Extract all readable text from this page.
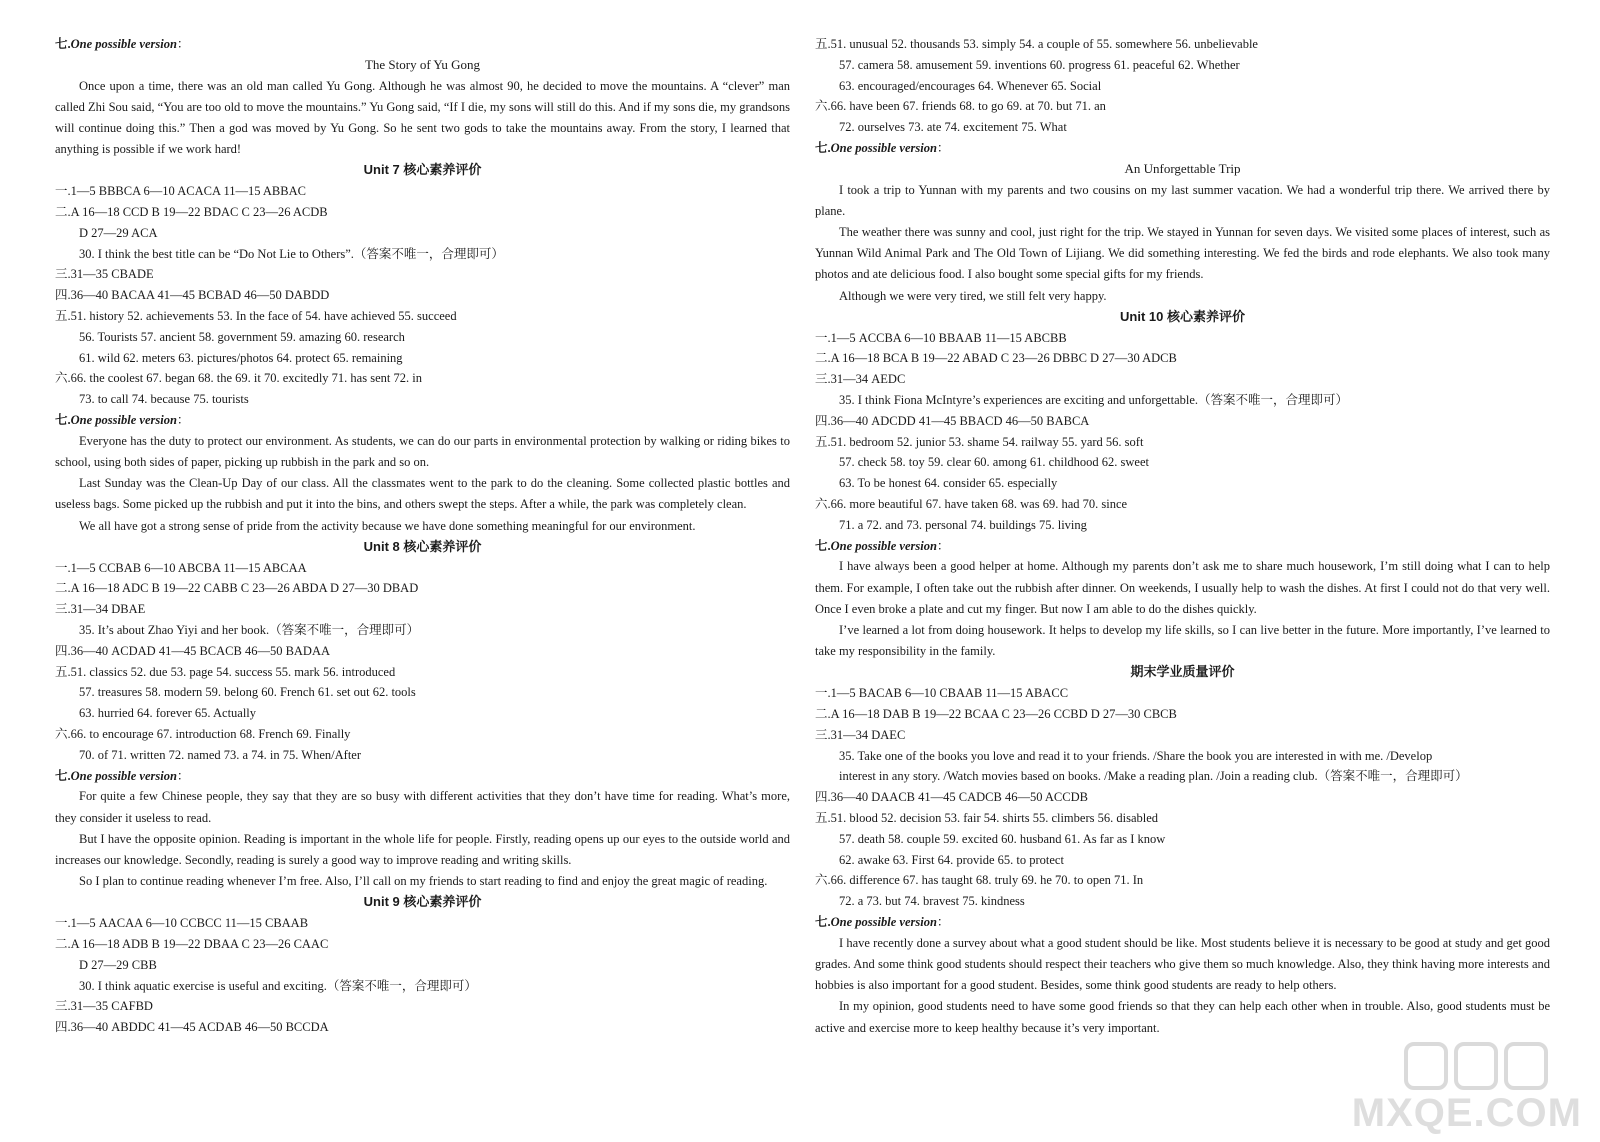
七.One possible version：
The Story of Yu Gong

Once upon a time, there was an old man called Yu Gong. Although he was almost 90, he decided to move the mountains. A “clever” man called Zhi Sou said, “You are too old to move the mountains.” Yu Gong said, “If I die, my sons will still do this. And if my sons die, my grandsons will continue doing this.” Then a god was moved by Yu Gong. So he sent two gods to take the mountains away. From the story, I learned that anything is possible if we work hard!

Unit 7 核心素养评价
一.1—5 BBBCA 6—10 ACACA 11—15 ABBAC
二.A 16—18 CCD B 19—22 BDAC C 23—26 ACDB
D 27—29 ACA
30. I think the best title can be “Do Not Lie to Others”.（答案不唯一，合理即可）
三.31—35 CBADE
四.36—40 BACAA 41—45 BCBAD 46—50 DABDD
五.51. history 52. achievements 53. In the face of 54. have achieved 55. succeed
56. Tourists 57. ancient 58. government 59. amazing 60. research
61. wild 62. meters 63. pictures/photos 64. protect 65. remaining
六.66. the coolest 67. began 68. the 69. it 70. excitedly 71. has sent 72. in
73. to call 74. because 75. tourists
七.One possible version：

Everyone has the duty to protect our environment. As students, we can do our parts in environmental protection by walking or riding bikes to school, using both sides of paper, picking up rubbish in the park and so on.

Last Sunday was the Clean-Up Day of our class. All the classmates went to the park to do the cleaning. Some collected plastic bottles and useless bags. Some picked up the rubbish and put it into the bins, and others swept the steps. After a while, the park was completely clean.

We all have got a strong sense of pride from the activity because we have done something meaningful for our environment.

Unit 8 核心素养评价
一.1—5 CCBAB 6—10 ABCBA 11—15 ABCAA
二.A 16—18 ADC B 19—22 CABB C 23—26 ABDA D 27—30 DBAD
三.31—34 DBAE
35. It’s about Zhao Yiyi and her book.（答案不唯一，合理即可）
四.36—40 ACDAD 41—45 BCACB 46—50 BADAA
五.51. classics 52. due 53. page 54. success 55. mark 56. introduced
57. treasures 58. modern 59. belong 60. French 61. set out 62. tools
63. hurried 64. forever 65. Actually
六.66. to encourage 67. introduction 68. French 69. Finally
70. of 71. written 72. named 73. a 74. in 75. When/After
七.One possible version：

For quite a few Chinese people, they say that they are so busy with different activities that they don’t have time for reading. What’s more, they consider it useless to read.

But I have the opposite opinion. Reading is important in the whole life for people. Firstly, reading opens up our eyes to the outside world and increases our knowledge. Secondly, reading is surely a good way to improve reading and writing skills.

So I plan to continue reading whenever I’m free. Also, I’ll call on my friends to start reading to find and enjoy the great magic of reading.

Unit 9 核心素养评价
一.1—5 AACAA 6—10 CCBCC 11—15 CBAAB
二.A 16—18 ADB B 19—22 DBAA C 23—26 CAAC
D 27—29 CBB
30. I think aquatic exercise is useful and exciting.（答案不唯一，合理即可）
三.31—35 CAFBD
四.36—40 ABDDC 41—45 ACDAB 46—50 BCCDA
五.51. unusual 52. thousands 53. simply 54. a couple of 55. somewhere 56. unbelievable
57. camera 58. amusement 59. inventions 60. progress 61. peaceful 62. Whether
63. encouraged/encourages 64. Whenever 65. Social
六.66. have been 67. friends 68. to go 69. at 70. but 71. an
72. ourselves 73. ate 74. excitement 75. What
七.One possible version：
An Unforgettable Trip

I took a trip to Yunnan with my parents and two cousins on my last summer vacation. We had a wonderful trip there. We arrived there by plane.

The weather there was sunny and cool, just right for the trip. We stayed in Yunnan for seven days. We visited some places of interest, such as Yunnan Wild Animal Park and The Old Town of Lijiang. We did something interesting. We fed the birds and rode elephants. We also took many photos and ate delicious food. I also bought some special gifts for my friends.

Although we were very tired, we still felt very happy.

Unit 10 核心素养评价
一.1—5 ACCBA 6—10 BBAAB 11—15 ABCBB
二.A 16—18 BCA B 19—22 ABAD C 23—26 DBBC D 27—30 ADCB
三.31—34 AEDC
35. I think Fiona McIntyre’s experiences are exciting and unforgettable.（答案不唯一，合理即可）
四.36—40 ADCDD 41—45 BBACD 46—50 BABCA
五.51. bedroom 52. junior 53. shame 54. railway 55. yard 56. soft
57. check 58. toy 59. clear 60. among 61. childhood 62. sweet
63. To be honest 64. consider 65. especially
六.66. more beautiful 67. have taken 68. was 69. had 70. since
71. a 72. and 73. personal 74. buildings 75. living
七.One possible version：

I have always been a good helper at home. Although my parents don’t ask me to share much housework, I’m still doing what I can to help them. For example, I often take out the rubbish after dinner. On weekends, I usually help to wash the dishes. At first I could not do that very well. Once I even broke a plate and cut my finger. But now I am able to do the dishes quickly.

I’ve learned a lot from doing housework. It helps to develop my life skills, so I can live better in the future. More importantly, I’ve learned to take my responsibility in the family.

期末学业质量评价
一.1—5 BACAB 6—10 CBAAB 11—15 ABACC
二.A 16—18 DAB B 19—22 BCAA C 23—26 CCBD D 27—30 CBCB
三.31—34 DAEC
35. Take one of the books you love and read it to your friends. /Share the book you are interested in with me. /Develop
interest in any story. /Watch movies based on books. /Make a reading plan. /Join a reading club.（答案不唯一，合理即可）
四.36—40 DAACB 41—45 CADCB 46—50 ACCDB
五.51. blood 52. decision 53. fair 54. shirts 55. climbers 56. disabled
57. death 58. couple 59. excited 60. husband 61. As far as I know
62. awake 63. First 64. provide 65. to protect
六.66. difference 67. has taught 68. truly 69. he 70. to open 71. In
72. a 73. but 74. bravest 75. kindness
七.One possible version：

I have recently done a survey about what a good student should be like. Most students believe it is necessary to be good at study and get good grades. And some think good students should respect their teachers who give them so much knowledge. Also, they think having more interests and hobbies is also important for a good student. Besides, some think good students are ready to help others.

In my opinion, good students need to have some good friends so that they can help each other when in trouble. Also, good students must be active and exercise more to keep healthy because it’s very important.

MXQE.COM
